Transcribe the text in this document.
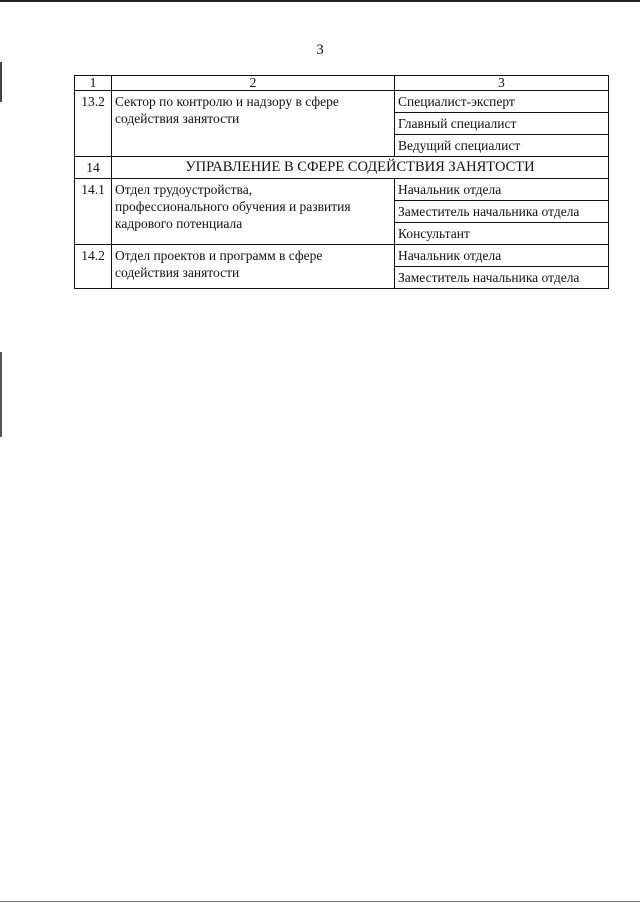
3
1	2	3
13.2	Сектор по контролю и надзору в сфере
содействия занятости	Специалист-эксперт
		Главный специалист
		Ведущий специалист
14	УПРАВЛЕНИЕ В СФЕРЕ СОДЕЙСТВИЯ ЗАНЯТОСТИ	
14.1	Отдел трудоустройства,
профессионального обучения и развития
кадрового потенциала	Начальник отдела
		Заместитель начальника отдела
		Консультант
14.2	Отдел проектов и программ в сфере
содействия занятости	Начальник отдела
		Заместитель начальника отдела
